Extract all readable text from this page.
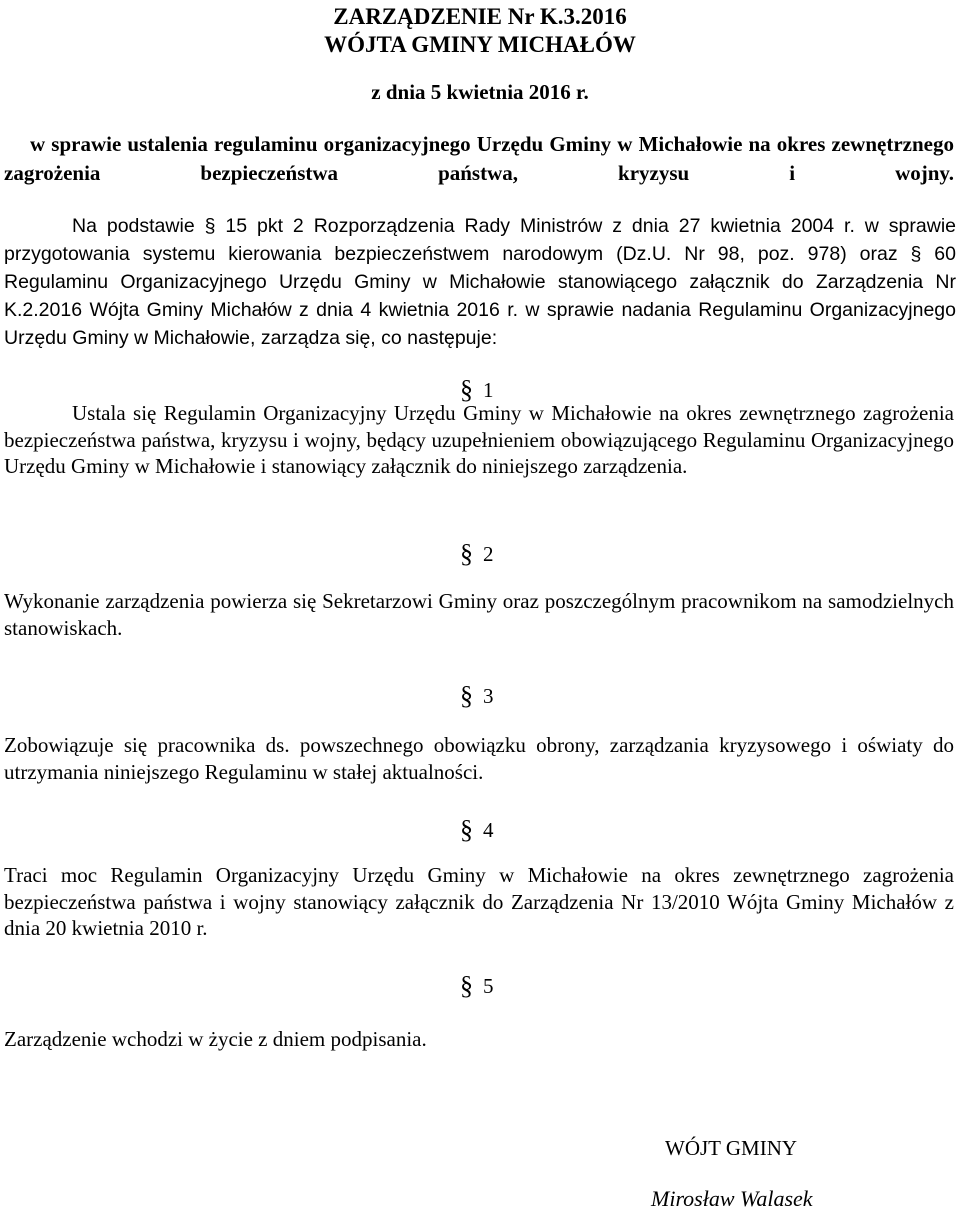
ZARZĄDZENIE Nr K.3.2016
WÓJTA GMINY MICHAŁÓW
z dnia 5 kwietnia 2016 r.
w sprawie ustalenia regulaminu organizacyjnego Urzędu Gminy w Michałowie na okres zewnętrznego zagrożenia bezpieczeństwa państwa, kryzysu i wojny.
Na podstawie § 15 pkt 2 Rozporządzenia Rady Ministrów z dnia 27 kwietnia 2004 r. w sprawie przygotowania systemu kierowania bezpieczeństwem narodowym (Dz.U. Nr 98, poz. 978) oraz § 60 Regulaminu Organizacyjnego Urzędu Gminy w Michałowie stanowiącego załącznik do Zarządzenia Nr K.2.2016 Wójta Gminy Michałów z dnia 4 kwietnia 2016 r. w sprawie nadania Regulaminu Organizacyjnego Urzędu Gminy w Michałowie, zarządza się, co następuje:
§ 1
Ustala się Regulamin Organizacyjny Urzędu Gminy w Michałowie na okres zewnętrznego zagrożenia bezpieczeństwa państwa, kryzysu i wojny, będący uzupełnieniem obowiązującego Regulaminu Organizacyjnego Urzędu Gminy w Michałowie i stanowiący załącznik do niniejszego zarządzenia.
§ 2
Wykonanie zarządzenia powierza się Sekretarzowi Gminy oraz poszczególnym pracownikom na samodzielnych stanowiskach.
§ 3
Zobowiązuje się pracownika ds. powszechnego obowiązku obrony, zarządzania kryzysowego i oświaty do utrzymania niniejszego Regulaminu w stałej aktualności.
§ 4
Traci moc Regulamin Organizacyjny Urzędu Gminy w Michałowie na okres zewnętrznego zagrożenia bezpieczeństwa państwa i wojny stanowiący załącznik do Zarządzenia Nr 13/2010 Wójta Gminy Michałów z dnia 20 kwietnia 2010 r.
§ 5
Zarządzenie wchodzi w życie z dniem podpisania.
WÓJT GMINY
Mirosław Walasek
